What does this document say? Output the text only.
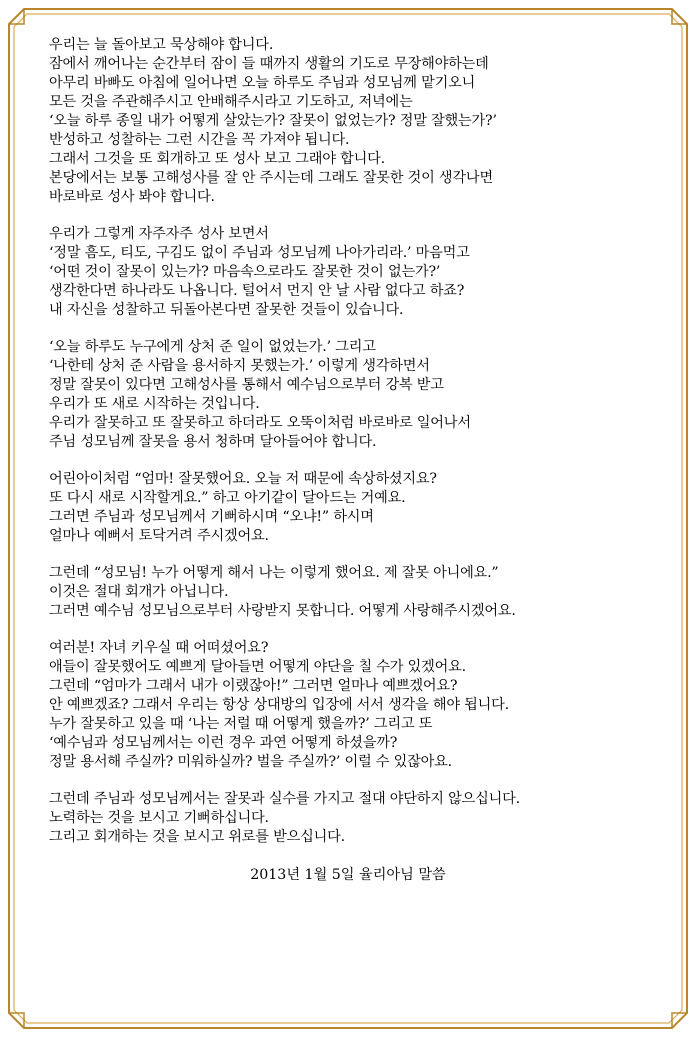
우리는 늘 돌아보고 묵상해야 합니다.
잠에서 깨어나는 순간부터 잠이 들 때까지 생활의 기도로 무장해야하는데
아무리 바빠도 아침에 일어나면 오늘 하루도 주님과 성모님께 맡기오니
모든 것을 주관해주시고 안배해주시라고 기도하고, 저녁에는
‘오늘 하루 종일 내가 어떻게 살았는가? 잘못이 없었는가? 정말 잘했는가?’
반성하고 성찰하는 그런 시간을 꼭 가져야 됩니다.
그래서 그것을 또 회개하고 또 성사 보고 그래야 합니다.
본당에서는 보통 고해성사를 잘 안 주시는데 그래도 잘못한 것이 생각나면
바로바로 성사 봐야 합니다.
우리가 그렇게 자주자주 성사 보면서
‘정말 흠도, 티도, 구김도 없이 주님과 성모님께 나아가리라.’ 마음먹고
‘어떤 것이 잘못이 있는가? 마음속으로라도 잘못한 것이 없는가?’
생각한다면 하나라도 나옵니다. 털어서 먼지 안 날 사람 없다고 하죠?
내 자신을 성찰하고 뒤돌아본다면 잘못한 것들이 있습니다.
‘오늘 하루도 누구에게 상처 준 일이 없었는가.’ 그리고
‘나한테 상처 준 사람을 용서하지 못했는가.’ 이렇게 생각하면서
정말 잘못이 있다면 고해성사를 통해서 예수님으로부터 강복 받고
우리가 또 새로 시작하는 것입니다.
우리가 잘못하고 또 잘못하고 하더라도 오뚝이처럼 바로바로 일어나서
주님 성모님께 잘못을 용서 청하며 달아들어야 합니다.
어린아이처럼 “엄마! 잘못했어요. 오늘 저 때문에 속상하셨지요?
또 다시 새로 시작할게요.” 하고 아기같이 달아드는 거예요.
그러면 주님과 성모님께서 기뻐하시며 “오냐!” 하시며
얼마나 예뻐서 토닥거려 주시겠어요.
그런데 “성모님! 누가 어떻게 해서 나는 이렇게 했어요. 제 잘못 아니에요.”
이것은 절대 회개가 아닙니다.
그러면 예수님 성모님으로부터 사랑받지 못합니다. 어떻게 사랑해주시겠어요.
여러분! 자녀 키우실 때 어떠셨어요?
애들이 잘못했어도 예쁘게 달아들면 어떻게 야단을 칠 수가 있겠어요.
그런데 “엄마가 그래서 내가 이랬잖아!” 그러면 얼마나 예쁘겠어요?
안 예쁘겠죠? 그래서 우리는 항상 상대방의 입장에 서서 생각을 해야 됩니다.
누가 잘못하고 있을 때 ‘나는 저럴 때 어떻게 했을까?’ 그리고 또
‘예수님과 성모님께서는 이런 경우 과연 어떻게 하셨을까?
정말 용서해 주실까? 미워하실까? 벌을 주실까?’ 이럴 수 있잖아요.
그런데 주님과 성모님께서는 잘못과 실수를 가지고 절대 야단하지 않으십니다.
노력하는 것을 보시고 기뻐하십니다.
그리고 회개하는 것을 보시고 위로를 받으십니다.
2013년 1월 5일 율리아님 말씀
